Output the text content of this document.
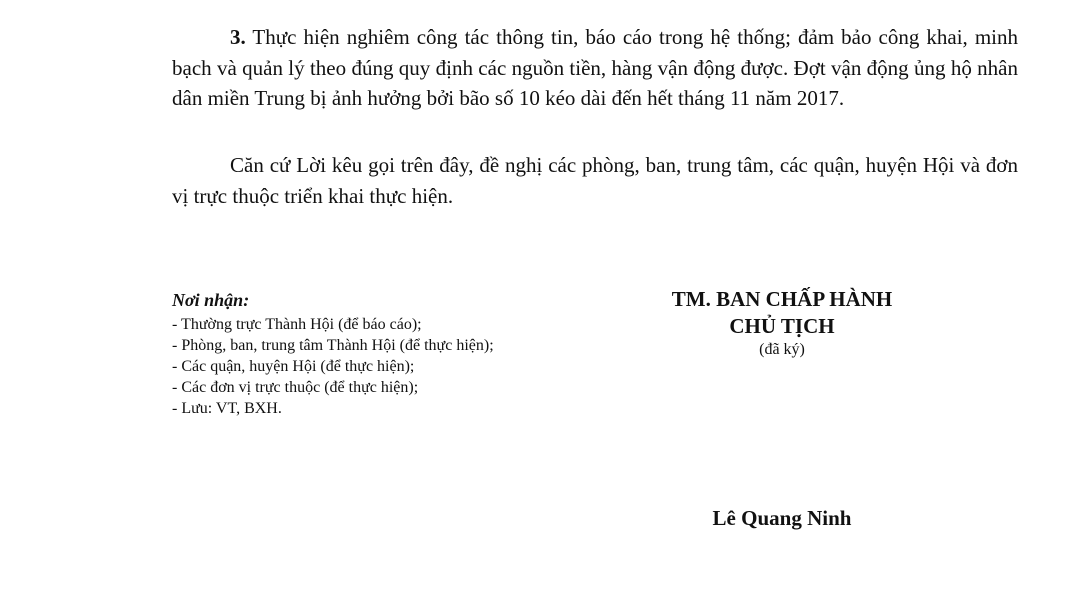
3. Thực hiện nghiêm công tác thông tin, báo cáo trong hệ thống; đảm bảo công khai, minh bạch và quản lý theo đúng quy định các nguồn tiền, hàng vận động được. Đợt vận động ủng hộ nhân dân miền Trung bị ảnh hưởng bởi bão số 10 kéo dài đến hết tháng 11 năm 2017.

Căn cứ Lời kêu gọi trên đây, đề nghị các phòng, ban, trung tâm, các quận, huyện Hội và đơn vị trực thuộc triển khai thực hiện.

Nơi nhận:
- Thường trực Thành Hội (để báo cáo);
- Phòng, ban, trung tâm Thành Hội (để thực hiện);
- Các quận, huyện Hội (để thực hiện);
- Các đơn vị trực thuộc (để thực hiện);
- Lưu: VT, BXH.
TM. BAN CHẤP HÀNH
CHỦ TỊCH
(đã ký)
Lê Quang Ninh
